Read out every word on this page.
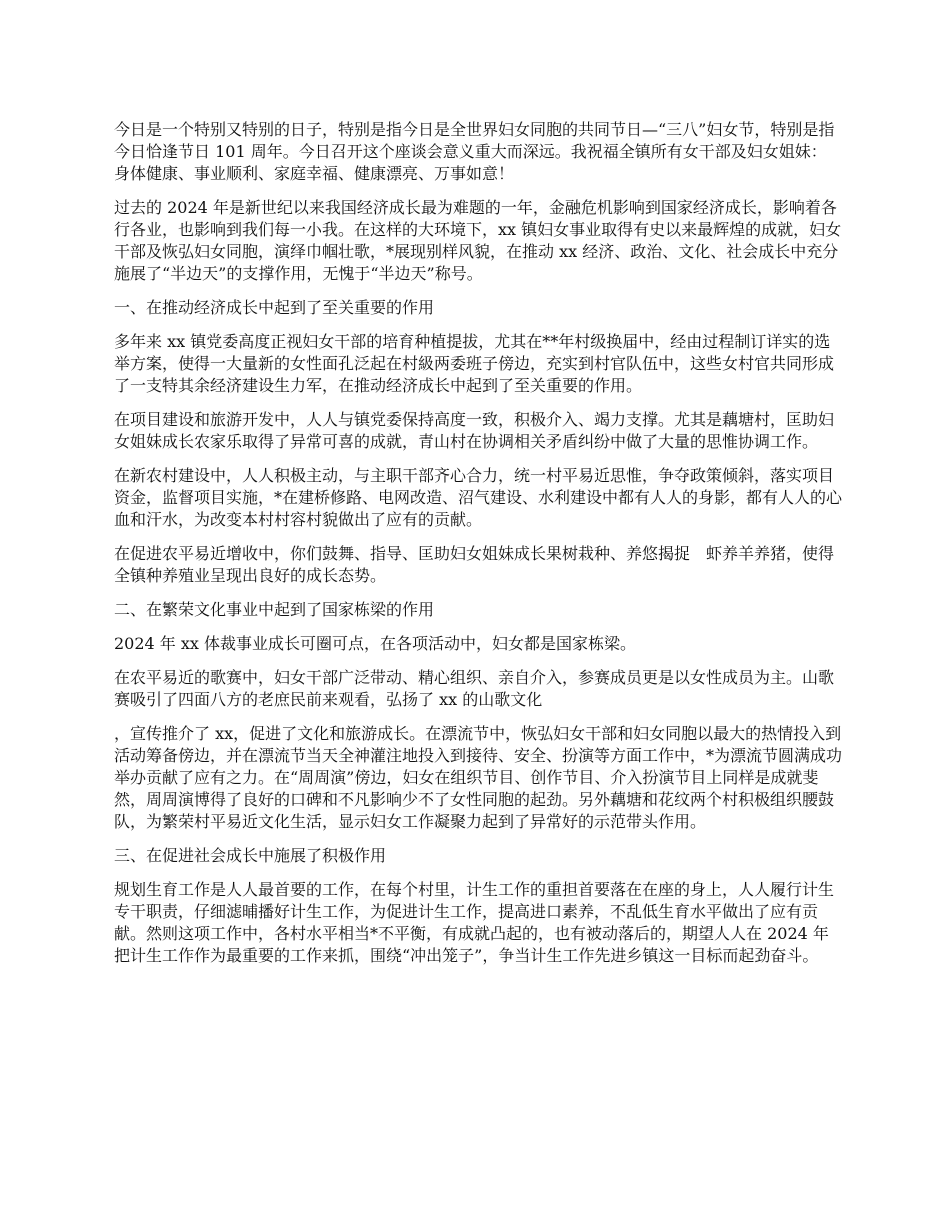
今日是一个特别又特别的日子，特别是指今日是全世界妇女同胞的共同节日—“三八”妇女节，特别是指今日恰逢节日 101 周年。今日召开这个座谈会意义重大而深远。我祝福全镇所有女干部及妇女姐妹：身体健康、事业顺利、家庭幸福、健康漂亮、万事如意！

过去的 2024 年是新世纪以来我国经济成长最为难题的一年，金融危机影响到国家经济成长，影响着各行各业，也影响到我们每一小我。在这样的大环境下，xx 镇妇女事业取得有史以来最辉煌的成就，妇女干部及恢弘妇女同胞，演绎巾帼壮歌，*展现别样风貌，在推动 xx 经济、政治、文化、社会成长中充分施展了“半边天”的支撑作用，无愧于“半边天”称号。

一、在推动经济成长中起到了至关重要的作用

多年来 xx 镇党委高度正视妇女干部的培育种植提拔，尤其在**年村级换届中，经由过程制订详实的选举方案，使得一大量新的女性面孔泛起在村級两委班子傍边，充实到村官队伍中，这些女村官共同形成了一支特其余经济建设生力军，在推动经济成长中起到了至关重要的作用。

在项目建设和旅游开发中，人人与镇党委保持高度一致，积极介入、竭力支撑。尤其是藕塘村，匡助妇女姐妹成长农家乐取得了异常可喜的成就，青山村在协调相关矛盾纠纷中做了大量的思惟协调工作。

在新农村建设中，人人积极主动，与主职干部齐心合力，统一村平易近思惟，争夺政策倾斜，落实项目资金，监督项目实施，*在建桥修路、电网改造、沼气建设、水利建设中都有人人的身影，都有人人的心血和汗水，为改变本村村容村貌做出了应有的贡献。

在促进农平易近增收中，你们鼓舞、指导、匡助妇女姐妹成长果树栽种、养悠揭捉　虾养羊养猪，使得全镇种养殖业呈现出良好的成长态势。

二、在繁荣文化事业中起到了国家栋梁的作用

2024 年 xx 体裁事业成长可圈可点，在各项活动中，妇女都是国家栋梁。

在农平易近的歌赛中，妇女干部广泛带动、精心组织、亲自介入，参赛成员更是以女性成员为主。山歌赛吸引了四面八方的老庶民前来观看，弘扬了 xx 的山歌文化

，宣传推介了 xx，促进了文化和旅游成长。在漂流节中，恢弘妇女干部和妇女同胞以最大的热情投入到活动筹备傍边，并在漂流节当天全神灌注地投入到接待、安全、扮演等方面工作中，*为漂流节圆满成功举办贡献了应有之力。在“周周演”傍边，妇女在组织节目、创作节目、介入扮演节目上同样是成就斐然，周周演博得了良好的口碑和不凡影响少不了女性同胞的起劲。另外藕塘和花纹两个村积极组织腰鼓队，为繁荣村平易近文化生活，显示妇女工作凝聚力起到了异常好的示范带头作用。

三、在促进社会成长中施展了积极作用

规划生育工作是人人最首要的工作，在每个村里，计生工作的重担首要落在在座的身上，人人履行计生专干职责，仔细滤晡播好计生工作，为促进计生工作，提高进口素养，不乱低生育水平做出了应有贡献。然则这项工作中，各村水平相当*不平衡，有成就凸起的，也有被动落后的，期望人人在 2024 年把计生工作作为最重要的工作来抓，围绕“冲出笼子”，争当计生工作先进乡镇这一目标而起劲奋斗。
